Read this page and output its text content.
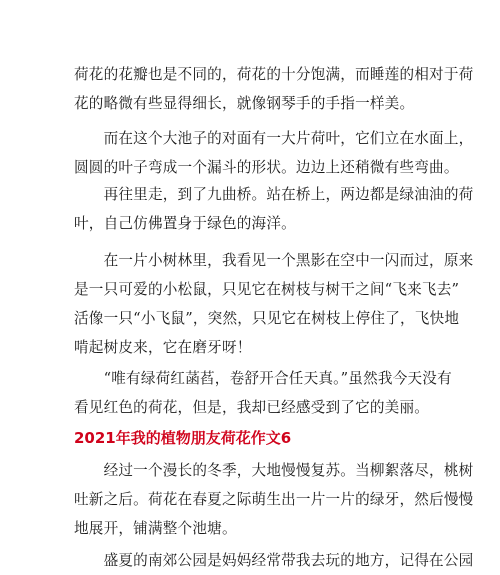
荷花的花瓣也是不同的，荷花的十分饱满，而睡莲的相对于荷
花的略微有些显得细长，就像钢琴手的手指一样美。

　　而在这个大池子的对面有一大片荷叶，它们立在水面上，
圆圆的叶子弯成一个漏斗的形状。边边上还稍微有些弯曲。

　　再往里走，到了九曲桥。站在桥上，两边都是绿油油的荷
叶，自己仿佛置身于绿色的海洋。

　　在一片小树林里，我看见一个黑影在空中一闪而过，原来
是一只可爱的小松鼠，只见它在树枝与树干之间“飞来飞去”
活像一只“小飞鼠”，突然，只见它在树枝上停住了，飞快地
啃起树皮来，它在磨牙呀！

　　“唯有绿荷红菡萏，卷舒开合任天真。”虽然我今天没有
看见红色的荷花，但是，我却已经感受到了它的美丽。

2021年我的植物朋友荷花作文6

　　经过一个漫长的冬季，大地慢慢复苏。当柳絮落尽，桃树
吐新之后。荷花在春夏之际萌生出一片一片的绿牙，然后慢慢
地展开，铺满整个池塘。

　　盛夏的南郊公园是妈妈经常带我去玩的地方，记得在公园
